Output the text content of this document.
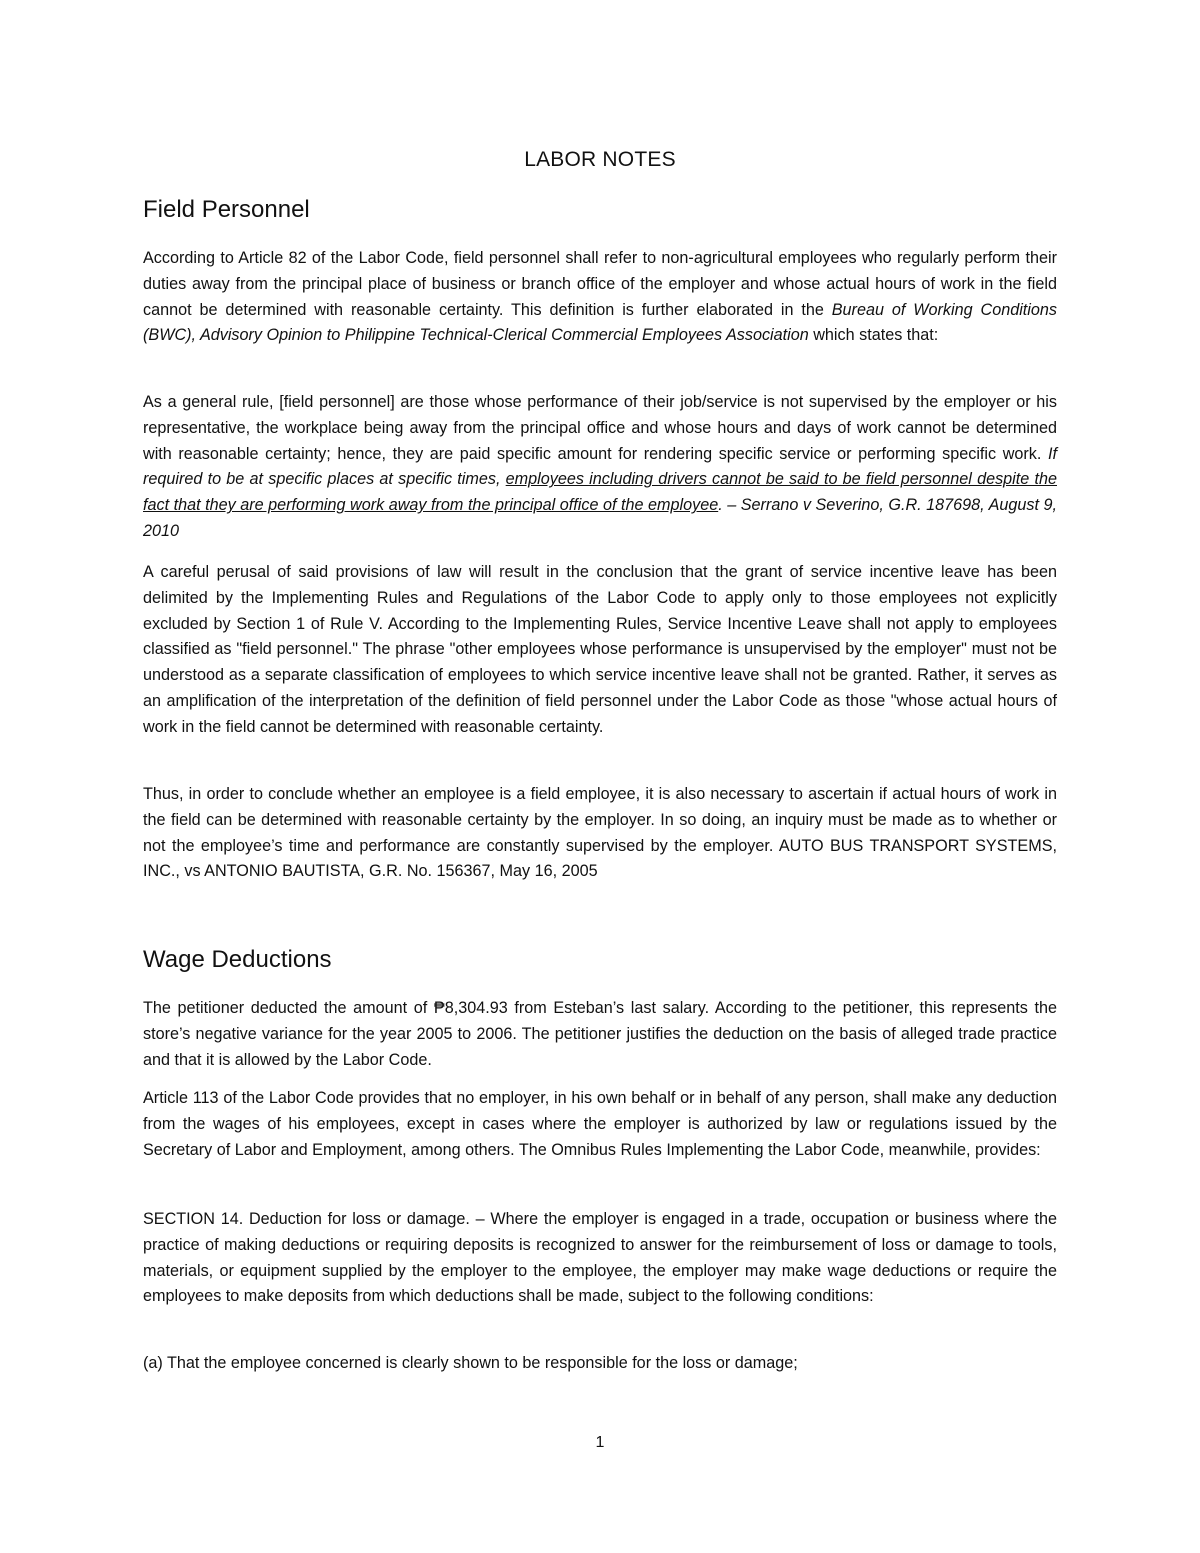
LABOR NOTES
Field Personnel

According to Article 82 of the Labor Code, field personnel shall refer to non-agricultural employees who regularly perform their duties away from the principal place of business or branch office of the employer and whose actual hours of work in the field cannot be determined with reasonable certainty. This definition is further elaborated in the Bureau of Working Conditions (BWC), Advisory Opinion to Philippine Technical-Clerical Commercial Employees Association which states that:

As a general rule, [field personnel] are those whose performance of their job/service is not supervised by the employer or his representative, the workplace being away from the principal office and whose hours and days of work cannot be determined with reasonable certainty; hence, they are paid specific amount for rendering specific service or performing specific work. If required to be at specific places at specific times, employees including drivers cannot be said to be field personnel despite the fact that they are performing work away from the principal office of the employee. – Serrano v Severino, G.R. 187698, August 9, 2010

A careful perusal of said provisions of law will result in the conclusion that the grant of service incentive leave has been delimited by the Implementing Rules and Regulations of the Labor Code to apply only to those employees not explicitly excluded by Section 1 of Rule V. According to the Implementing Rules, Service Incentive Leave shall not apply to employees classified as "field personnel." The phrase "other employees whose performance is unsupervised by the employer" must not be understood as a separate classification of employees to which service incentive leave shall not be granted. Rather, it serves as an amplification of the interpretation of the definition of field personnel under the Labor Code as those "whose actual hours of work in the field cannot be determined with reasonable certainty.

Thus, in order to conclude whether an employee is a field employee, it is also necessary to ascertain if actual hours of work in the field can be determined with reasonable certainty by the employer. In so doing, an inquiry must be made as to whether or not the employee’s time and performance are constantly supervised by the employer. AUTO BUS TRANSPORT SYSTEMS, INC., vs ANTONIO BAUTISTA, G.R. No. 156367, May 16, 2005

Wage Deductions

The petitioner deducted the amount of ₱8,304.93 from Esteban’s last salary. According to the petitioner, this represents the store’s negative variance for the year 2005 to 2006. The petitioner justifies the deduction on the basis of alleged trade practice and that it is allowed by the Labor Code.

Article 113 of the Labor Code provides that no employer, in his own behalf or in behalf of any person, shall make any deduction from the wages of his employees, except in cases where the employer is authorized by law or regulations issued by the Secretary of Labor and Employment, among others. The Omnibus Rules Implementing the Labor Code, meanwhile, provides:

SECTION 14. Deduction for loss or damage. – Where the employer is engaged in a trade, occupation or business where the practice of making deductions or requiring deposits is recognized to answer for the reimbursement of loss or damage to tools, materials, or equipment supplied by the employer to the employee, the employer may make wage deductions or require the employees to make deposits from which deductions shall be made, subject to the following conditions:

(a) That the employee concerned is clearly shown to be responsible for the loss or damage;

1
